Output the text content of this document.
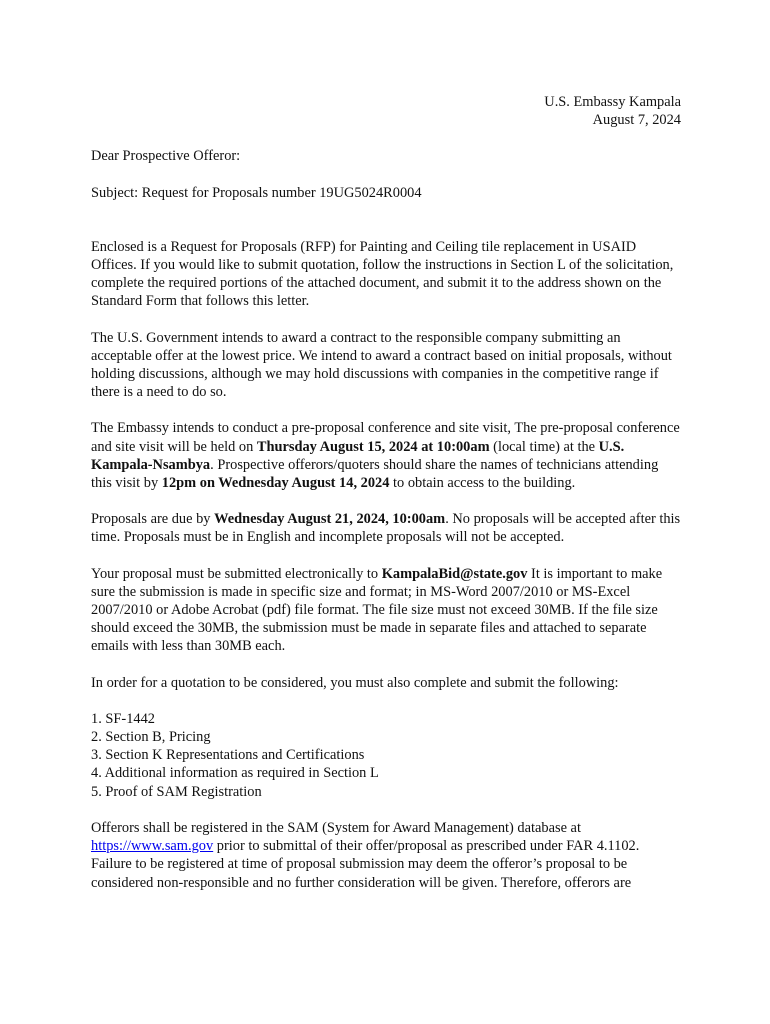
U.S. Embassy Kampala
August 7, 2024

Dear Prospective Offeror:

Subject: Request for Proposals number 19UG5024R0004

Enclosed is a Request for Proposals (RFP) for Painting and Ceiling tile replacement in USAID Offices. If you would like to submit quotation, follow the instructions in Section L of the solicitation, complete the required portions of the attached document, and submit it to the address shown on the Standard Form that follows this letter.

The U.S. Government intends to award a contract to the responsible company submitting an acceptable offer at the lowest price. We intend to award a contract based on initial proposals, without holding discussions, although we may hold discussions with companies in the competitive range if there is a need to do so.

The Embassy intends to conduct a pre-proposal conference and site visit, The pre-proposal conference and site visit will be held on Thursday August 15, 2024 at 10:00am (local time) at the U.S. Kampala-Nsambya. Prospective offerors/quoters should share the names of technicians attending this visit by 12pm on Wednesday August 14, 2024 to obtain access to the building.

Proposals are due by Wednesday August 21, 2024, 10:00am. No proposals will be accepted after this time. Proposals must be in English and incomplete proposals will not be accepted.

Your proposal must be submitted electronically to KampalaBid@state.gov It is important to make sure the submission is made in specific size and format; in MS-Word 2007/2010 or MS-Excel 2007/2010 or Adobe Acrobat (pdf) file format. The file size must not exceed 30MB. If the file size should exceed the 30MB, the submission must be made in separate files and attached to separate emails with less than 30MB each.

In order for a quotation to be considered, you must also complete and submit the following:

1. SF-1442
2. Section B, Pricing
3. Section K Representations and Certifications
4. Additional information as required in Section L
5. Proof of SAM Registration

Offerors shall be registered in the SAM (System for Award Management) database at https://www.sam.gov prior to submittal of their offer/proposal as prescribed under FAR 4.1102. Failure to be registered at time of proposal submission may deem the offeror’s proposal to be considered non-responsible and no further consideration will be given. Therefore, offerors are
